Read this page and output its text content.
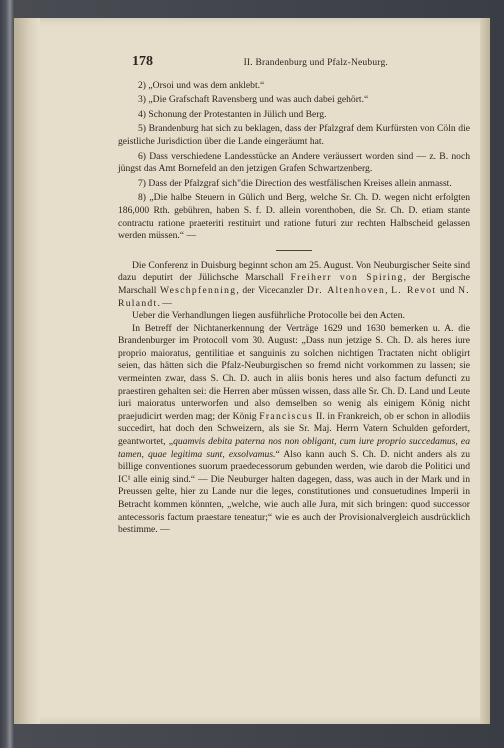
178	II. Brandenburg und Pfalz-Neuburg.

2) „Orsoi und was dem anklebt.“

3) „Die Grafschaft Ravensberg und was auch dabei gehört.“

4) Schonung der Protestanten in Jülich und Berg.

5) Brandenburg hat sich zu beklagen, dass der Pfalzgraf dem Kurfürsten von Cöln die geistliche Jurisdiction über die Lande eingeräumt hat.

6) Dass verschiedene Landesstücke an Andere veräussert worden sind — z. B. noch jüngst das Amt Bornefeld an den jetzigen Grafen Schwartzenberg.

7) Dass der Pfalzgraf sich"die Direction des westfälischen Kreises allein anmasst.

8) „Die halbe Steuern in Gülich und Berg, welche Sr. Ch. D. wegen nicht erfolgten 186,000 Rth. gebühren, haben S. f. D. allein vorenthoben, die Sr. Ch. D. etiam stante contractu ratione praeteriti restituirt und ratione futuri zur rechten Halbscheid gelassen werden müssen.“ —

Die Conferenz in Duisburg beginnt schon am 25. August. Von Neuburgischer Seite sind dazu deputirt der Jülichsche Marschall Freiherr von Spiring, der Bergische Marschall Weschpfenning, der Vicecanzler Dr. Altenhoven, L. Revot und N. Rulandt. —

Ueber die Verhandlungen liegen ausführliche Protocolle bei den Acten.

In Betreff der Nichtanerkennung der Verträge 1629 und 1630 bemerken u. A. die Brandenburger im Protocoll vom 30. August: „Dass nun jetzige S. Ch. D. als heres iure proprio maioratus, gentilitiae et sanguinis zu solchen nichtigen Tractaten nicht obligirt seien, das hätten sich die Pfalz-Neuburgischen so fremd nicht vorkommen zu lassen; sie vermeinten zwar, dass S. Ch. D. auch in aliis bonis heres und also factum defuncti zu praestiren gehalten sei: die Herren aber müssen wissen, dass alle Sr. Ch. D. Land und Leute iuri maioratus unterworfen und also demselben so wenig als einigem König nicht praejudicirt werden mag; der König Franciscus II. in Frankreich, ob er schon in allodiis succedirt, hat doch den Schweizern, als sie Sr. Maj. Herrn Vatern Schulden gefordert, geantwortet, „quamvis debita paterna nos non obligant, cum iure proprio succedamus, ea tamen, quae legitima sunt, exsolvamus.“ Also kann auch S. Ch. D. nicht anders als zu billige conventiones suorum praedecessorum gebunden werden, wie darob die Politici und IC¹ alle einig sind.“ — Die Neuburger halten dagegen, dass, was auch in der Mark und in Preussen gelte, hier zu Lande nur die leges, constitutiones und consuetudines Imperii in Betracht kommen könnten, „welche, wie auch alle Jura, mit sich bringen: quod successor antecessoris factum praestare teneatur;“ wie es auch der Provisionalvergleich ausdrücklich bestimme. —
